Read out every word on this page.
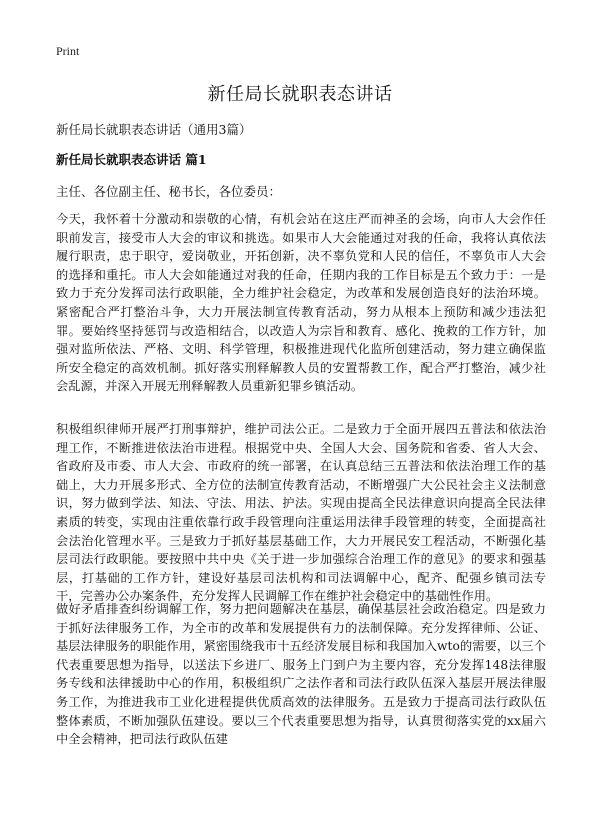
Print
新任局长就职表态讲话

新任局长就职表态讲话（通用3篇）

新任局长就职表态讲话 篇1

主任、各位副主任、秘书长，各位委员：

今天，我怀着十分激动和崇敬的心情，有机会站在这庄严而神圣的会场，向市人大会作任职前发言，接受市人大会的审议和挑选。如果市人大会能通过对我的任命，我将认真依法履行职责，忠于职守，爱岗敬业，开拓创新，决不辜负党和人民的信任，不辜负市人大会的选择和重托。市人大会如能通过对我的任命，任期内我的工作目标是五个致力于：一是致力于充分发挥司法行政职能，全力维护社会稳定，为改革和发展创造良好的法治环境。紧密配合严打整治斗争，大力开展法制宣传教育活动，努力从根本上预防和减少违法犯罪。要始终坚持惩罚与改造相结合，以改造人为宗旨和教育、感化、挽救的工作方针，加强对监所依法、严格、文明、科学管理，积极推进现代化监所创建活动，努力建立确保监所安全稳定的高效机制。抓好落实刑释解教人员的安置帮教工作，配合严打整治，减少社会乱源，并深入开展无刑释解教人员重新犯罪乡镇活动。

积极组织律师开展严打刑事辩护，维护司法公正。二是致力于全面开展四五普法和依法治理工作，不断推进依法治市进程。根据党中央、全国人大会、国务院和省委、省人大会、省政府及市委、市人大会、市政府的统一部署，在认真总结三五普法和依法治理工作的基础上，大力开展多形式、全方位的法制宣传教育活动，不断增强广大公民社会主义法制意识，努力做到学法、知法、守法、用法、护法。实现由提高全民法律意识向提高全民法律素质的转变，实现由注重依靠行政手段管理向注重运用法律手段管理的转变，全面提高社会法治化管理水平。三是致力于抓好基层基础工作，大力开展民安工程活动，不断强化基层司法行政职能。要按照中共中央《关于进一步加强综合治理工作的意见》的要求和强基层，打基础的工作方针，建设好基层司法机构和司法调解中心，配齐、配强乡镇司法专干，完善办公办案条件，充分发挥人民调解工作在维护社会稳定中的基础性作用。

做好矛盾排查纠纷调解工作，努力把问题解决在基层，确保基层社会政治稳定。四是致力于抓好法律服务工作，为全市的改革和发展提供有力的法制保障。充分发挥律师、公证、基层法律服务的职能作用，紧密围绕我市十五经济发展目标和我国加入wto的需要，以三个代表重要思想为指导，以送法下乡进厂、服务上门到户为主要内容，充分发挥148法律服务专线和法律援助中心的作用，积极组织广之法作者和司法行政队伍深入基层开展法律服务工作，为推进我市工业化进程提供优质高效的法律服务。五是致力于提高司法行政队伍整体素质，不断加强队伍建设。要以三个代表重要思想为指导，认真贯彻落实党的xx届六中全会精神，把司法行政队伍建
